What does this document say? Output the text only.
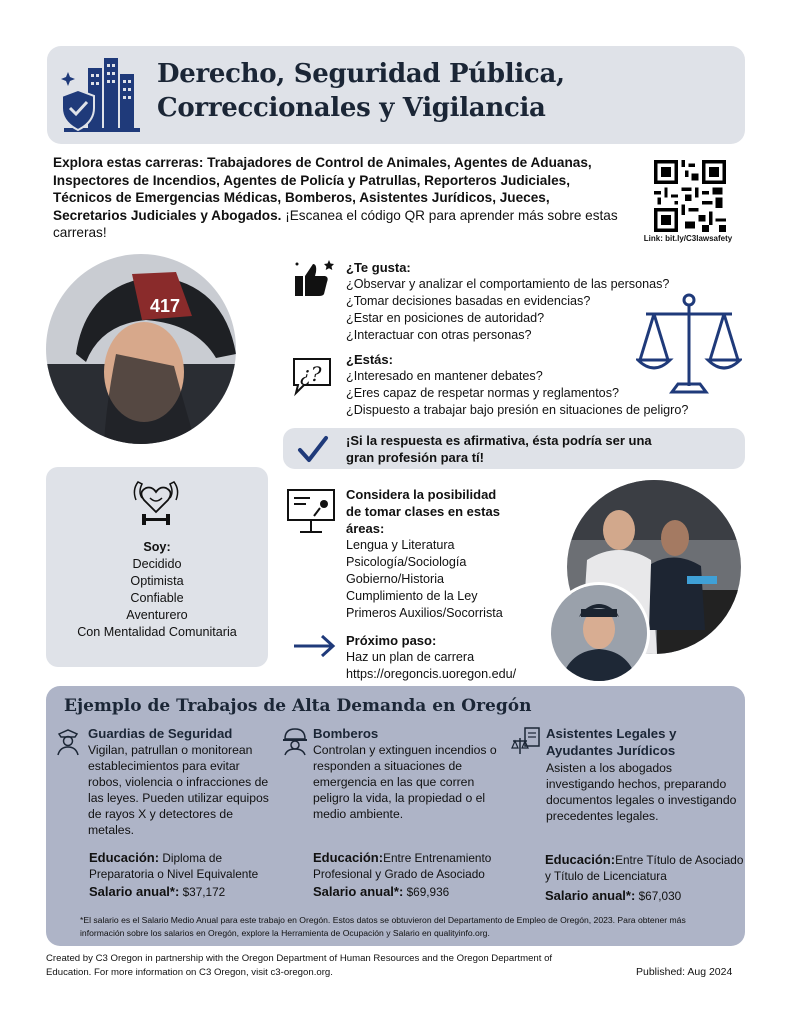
Derecho, Seguridad Pública,
Correccionales y Vigilancia
Explora estas carreras: Trabajadores de Control de Animales, Agentes de Aduanas, Inspectores de Incendios, Agentes de Policía y Patrullas, Reporteros Judiciales, Técnicos de Emergencias Médicas, Bomberos, Asistentes Jurídicos, Jueces, Secretarios Judiciales y Abogados. ¡Escanea el código QR para aprender más sobre estas carreras!	Link: bit.ly/C3lawsafety
417
¿Te gusta:
¿Observar y analizar el comportamiento de las personas?
¿Tomar decisiones basadas en evidencias?
¿Estar en posiciones de autoridad?
¿Interactuar con otras personas?
¿?
¿Estás:
¿Interesado en mantener debates?
¿Eres capaz de respetar normas y reglamentos?
¿Dispuesto a trabajar bajo presión en situaciones de peligro?
¡Si la respuesta es afirmativa, ésta podría ser una
gran profesión para tí!
Soy:
Decidido
Optimista
Confiable
Aventurero
Con Mentalidad Comunitaria
Considera la posibilidad
de tomar clases en estas
áreas:
Lengua y Literatura
Psicología/Sociología
Gobierno/Historia
Cumplimiento de la Ley
Primeros Auxilios/Socorrista
Próximo paso:
Haz un plan de carrera
https://oregoncis.uoregon.edu/
Ejemplo de Trabajos de Alta Demanda en Oregón
Guardias de Seguridad
Vigilan, patrullan o monitorean establecimientos para evitar robos, violencia o infracciones de las leyes. Pueden utilizar equipos de rayos X y detectores de metales.
Educación: Diploma de Preparatoria o Nivel Equivalente
Salario anual*: $37,172
Bomberos
Controlan y extinguen incendios o responden a situaciones de emergencia en las que corren peligro la vida, la propiedad o el medio ambiente.
Educación:Entre Entrenamiento Profesional y Grado de Asociado
Salario anual*: $69,936
Asistentes Legales y
Ayudantes Jurídicos
Asisten a los abogados investigando hechos, preparando documentos legales o investigando precedentes legales.
Educación:Entre Título de Asociado y Título de Licenciatura
Salario anual*: $67,030
*El salario es el Salario Medio Anual para este trabajo en Oregón. Estos datos se obtuvieron del Departamento de Empleo de Oregón, 2023. Para obtener más información sobre los salarios en Oregón, explore la Herramienta de Ocupación y Salario en qualityinfo.org.
Created by C3 Oregon in partnership with the Oregon Department of Human Resources and the Oregon Department of Education. For more information on C3 Oregon, visit c3-oregon.org.	Published: Aug 2024
